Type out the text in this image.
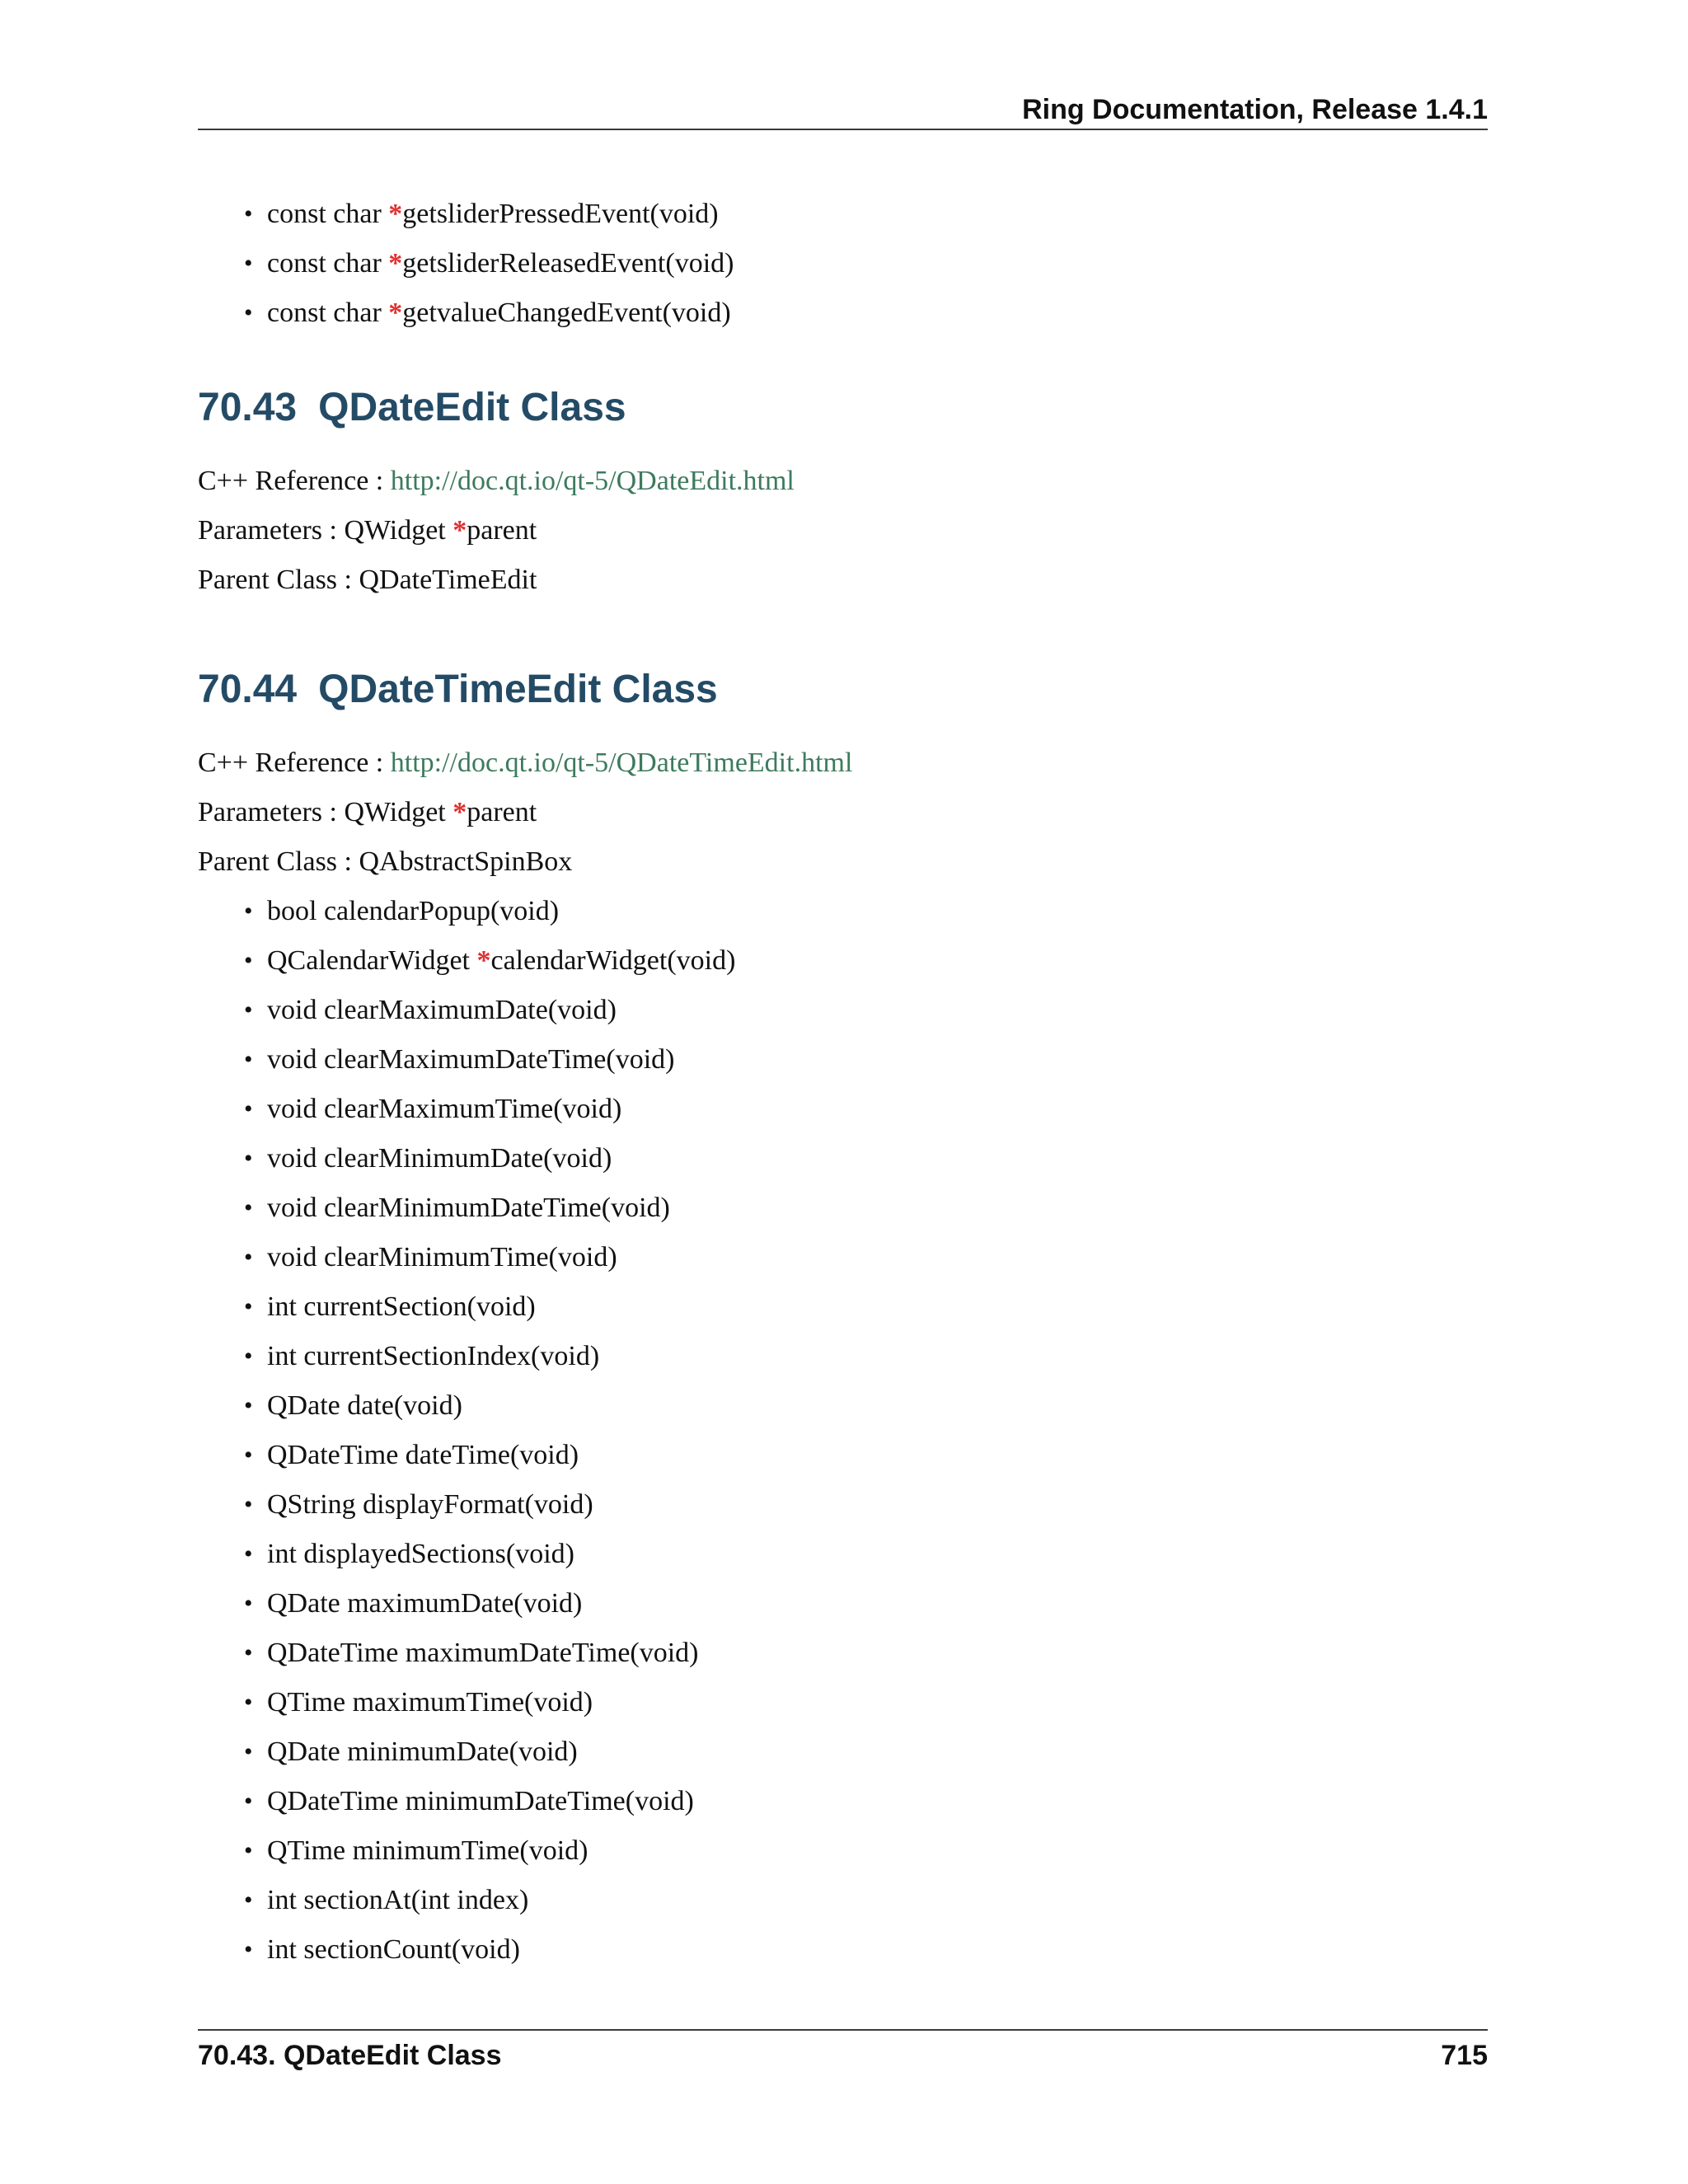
Ring Documentation, Release 1.4.1
• const char *getsliderPressedEvent(void)
• const char *getsliderReleasedEvent(void)
• const char *getvalueChangedEvent(void)
70.43 QDateEdit Class
C++ Reference : http://doc.qt.io/qt-5/QDateEdit.html
Parameters : QWidget *parent
Parent Class : QDateTimeEdit
70.44 QDateTimeEdit Class
C++ Reference : http://doc.qt.io/qt-5/QDateTimeEdit.html
Parameters : QWidget *parent
Parent Class : QAbstractSpinBox
• bool calendarPopup(void)
• QCalendarWidget *calendarWidget(void)
• void clearMaximumDate(void)
• void clearMaximumDateTime(void)
• void clearMaximumTime(void)
• void clearMinimumDate(void)
• void clearMinimumDateTime(void)
• void clearMinimumTime(void)
• int currentSection(void)
• int currentSectionIndex(void)
• QDate date(void)
• QDateTime dateTime(void)
• QString displayFormat(void)
• int displayedSections(void)
• QDate maximumDate(void)
• QDateTime maximumDateTime(void)
• QTime maximumTime(void)
• QDate minimumDate(void)
• QDateTime minimumDateTime(void)
• QTime minimumTime(void)
• int sectionAt(int index)
• int sectionCount(void)
70.43. QDateEdit Class	715
